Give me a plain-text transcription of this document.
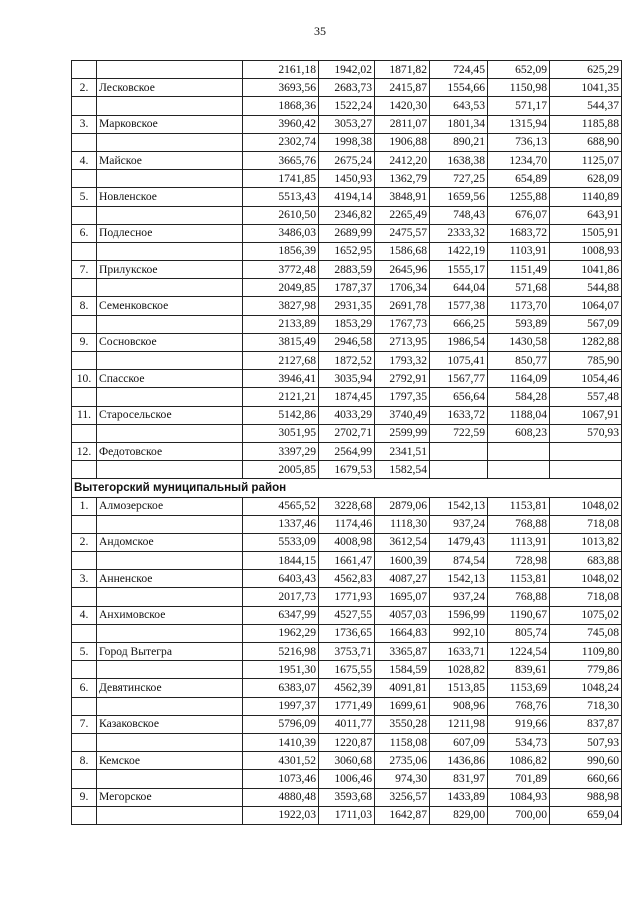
35
		2161,18	1942,02	1871,82	724,45	652,09	625,29
2.	Лесковское	3693,56	2683,73	2415,87	1554,66	1150,98	1041,35
		1868,36	1522,24	1420,30	643,53	571,17	544,37
3.	Марковское	3960,42	3053,27	2811,07	1801,34	1315,94	1185,88
		2302,74	1998,38	1906,88	890,21	736,13	688,90
4.	Майское	3665,76	2675,24	2412,20	1638,38	1234,70	1125,07
		1741,85	1450,93	1362,79	727,25	654,89	628,09
5.	Новленское	5513,43	4194,14	3848,91	1659,56	1255,88	1140,89
		2610,50	2346,82	2265,49	748,43	676,07	643,91
6.	Подлесное	3486,03	2689,99	2475,57	2333,32	1683,72	1505,91
		1856,39	1652,95	1586,68	1422,19	1103,91	1008,93
7.	Прилукское	3772,48	2883,59	2645,96	1555,17	1151,49	1041,86
		2049,85	1787,37	1706,34	644,04	571,68	544,88
8.	Семенковское	3827,98	2931,35	2691,78	1577,38	1173,70	1064,07
		2133,89	1853,29	1767,73	666,25	593,89	567,09
9.	Сосновское	3815,49	2946,58	2713,95	1986,54	1430,58	1282,88
		2127,68	1872,52	1793,32	1075,41	850,77	785,90
10.	Спасское	3946,41	3035,94	2792,91	1567,77	1164,09	1054,46
		2121,21	1874,45	1797,35	656,64	584,28	557,48
11.	Старосельское	5142,86	4033,29	3740,49	1633,72	1188,04	1067,91
		3051,95	2702,71	2599,99	722,59	608,23	570,93
12.	Федотовское	3397,29	2564,99	2341,51			
		2005,85	1679,53	1582,54			
Вытегорский муниципальный район							
1.	Алмозерское	4565,52	3228,68	2879,06	1542,13	1153,81	1048,02
		1337,46	1174,46	1118,30	937,24	768,88	718,08
2.	Андомское	5533,09	4008,98	3612,54	1479,43	1113,91	1013,82
		1844,15	1661,47	1600,39	874,54	728,98	683,88
3.	Анненское	6403,43	4562,83	4087,27	1542,13	1153,81	1048,02
		2017,73	1771,93	1695,07	937,24	768,88	718,08
4.	Анхимовское	6347,99	4527,55	4057,03	1596,99	1190,67	1075,02
		1962,29	1736,65	1664,83	992,10	805,74	745,08
5.	Город Вытегра	5216,98	3753,71	3365,87	1633,71	1224,54	1109,80
		1951,30	1675,55	1584,59	1028,82	839,61	779,86
6.	Девятинское	6383,07	4562,39	4091,81	1513,85	1153,69	1048,24
		1997,37	1771,49	1699,61	908,96	768,76	718,30
7.	Казаковское	5796,09	4011,77	3550,28	1211,98	919,66	837,87
		1410,39	1220,87	1158,08	607,09	534,73	507,93
8.	Кемское	4301,52	3060,68	2735,06	1436,86	1086,82	990,60
		1073,46	1006,46	974,30	831,97	701,89	660,66
9.	Мегорское	4880,48	3593,68	3256,57	1433,89	1084,93	988,98
		1922,03	1711,03	1642,87	829,00	700,00	659,04
